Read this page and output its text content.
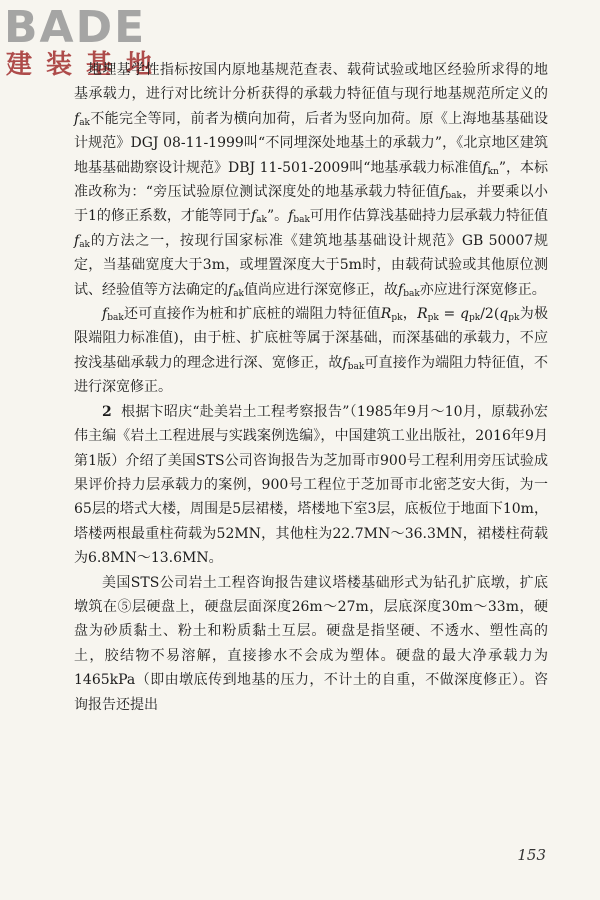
BADE
建装基地

地埋基学性指标按国内原地基规范查表、载荷试验或地区经验所求得的地基承载力，进行对比统计分析获得的承载力特征值与现行地基规范所定义的$f_{ak}$不能完全等同，前者为横向加荷，后者为竖向加荷。原《上海地基基础设计规范》DGJ 08-11-1999叫“不同埋深处地基土的承载力”，《北京地区建筑地基基础勘察设计规范》DBJ 11-501-2009叫“地基承载力标准值$f_{kn}$”，本标准改称为：“旁压试验原位测试深度处的地基承载力特征值$f_{bak}$，并要乘以小于1的修正系数，才能等同于$f_{ak}$”。$f_{bak}$可用作估算浅基础持力层承载力特征值$f_{ak}$的方法之一，按现行国家标准《建筑地基基础设计规范》GB 50007规定，当基础宽度大于3m，或埋置深度大于5m时，由载荷试验或其他原位测试、经验值等方法确定的$f_{ak}$值尚应进行深宽修正，故$f_{bak}$亦应进行深宽修正。

$f_{bak}$还可直接作为桩和扩底桩的端阻力特征值$R_{pk}$，$R_{pk} = q_{pk}/2(q_{pk}$为极限端阻力标准值)，由于桩、扩底桩等属于深基础，而深基础的承载力，不应按浅基础承载力的理念进行深、宽修正，故$f_{bak}$可直接作为端阻力特征值，不进行深宽修正。

2 根据卞昭庆“赴美岩土工程考察报告”（1985年9月～10月，原载孙宏伟主编《岩土工程进展与实践案例选编》，中国建筑工业出版社，2016年9月第1版）介绍了美国STS公司咨询报告为芝加哥市900号工程利用旁压试验成果评价持力层承载力的案例，900号工程位于芝加哥市北密芝安大街，为一65层的塔式大楼，周围是5层裙楼，塔楼地下室3层，底板位于地面下10m，塔楼两根最重柱荷载为52MN，其他柱为22.7MN～36.3MN，裙楼柱荷载为6.8MN～13.6MN。

美国STS公司岩土工程咨询报告建议塔楼基础形式为钻孔扩底墩，扩底墩筑在⑤层硬盘上，硬盘层面深度26m～27m，层底深度30m～33m，硬盘为砂质黏土、粉土和粉质黏土互层。硬盘是指坚硬、不透水、塑性高的土，胶结物不易溶解，直接掺水不会成为塑体。硬盘的最大净承载力为1465kPa（即由墩底传到地基的压力，不计土的自重，不做深度修正）。咨询报告还提出

153
